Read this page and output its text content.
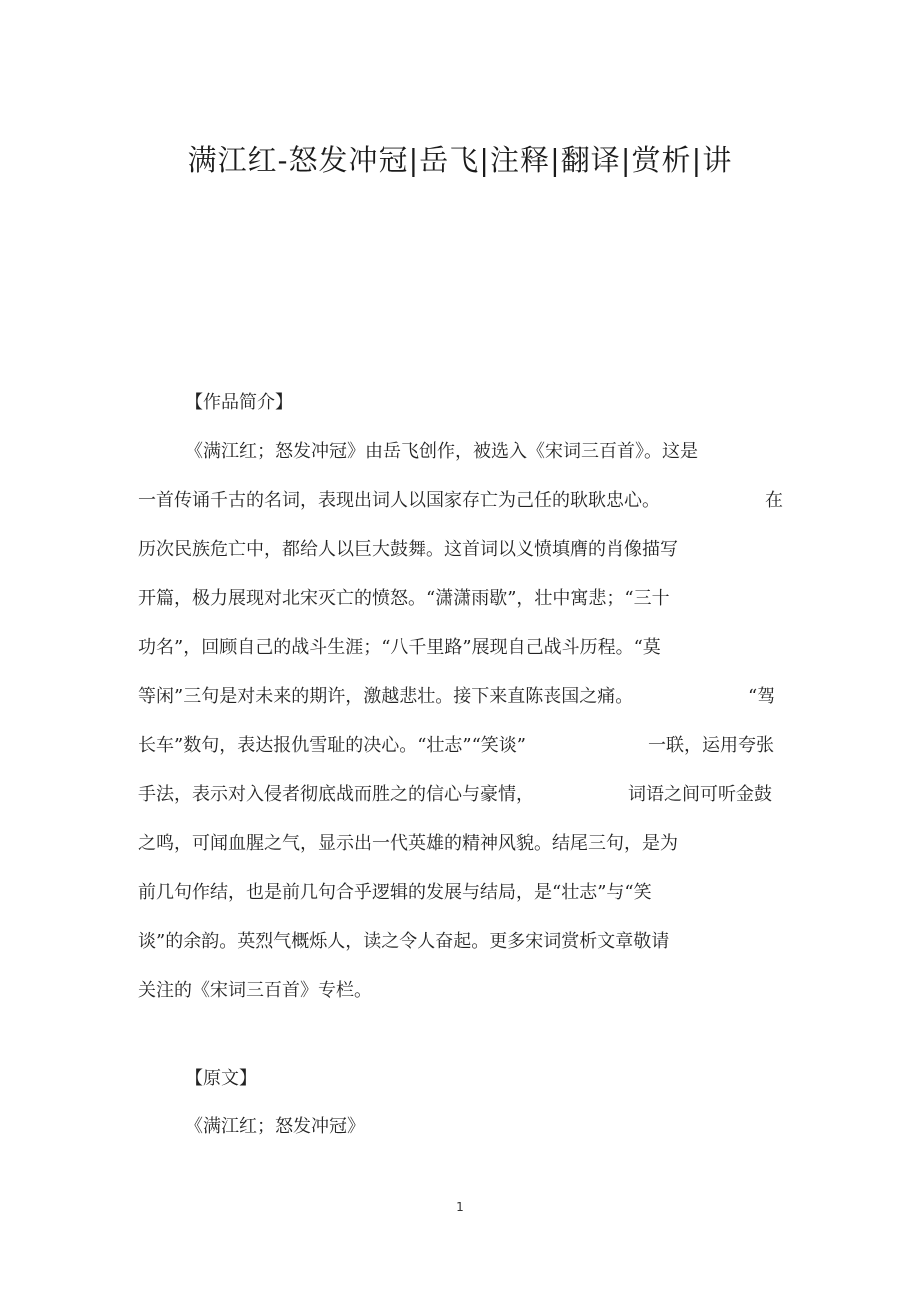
满江红-怒发冲冠|岳飞|注释|翻译|赏析|讲
【作品简介】
《满江红；怒发冲冠》由岳飞创作，被选入《宋词三百首》。这是
一首传诵千古的名词，表现出词人以国家存亡为己任的耿耿忠心。	在
历次民族危亡中，都给人以巨大鼓舞。这首词以义愤填膺的肖像描写
开篇，极力展现对北宋灭亡的愤怒。“潇潇雨歇”，壮中寓悲；“三十
功名”，回顾自己的战斗生涯；“八千里路”展现自己战斗历程。“莫
等闲”三句是对未来的期许，激越悲壮。接下来直陈丧国之痛。	“驾
长车”数句，表达报仇雪耻的决心。“壮志”“笑谈”	一联，运用夸张
手法，表示对入侵者彻底战而胜之的信心与豪情，	词语之间可听金鼓
之鸣，可闻血腥之气，显示出一代英雄的精神风貌。结尾三句，是为
前几句作结，也是前几句合乎逻辑的发展与结局，是“壮志”与“笑
谈”的余韵。英烈气概烁人，读之令人奋起。更多宋词赏析文章敬请
关注的《宋词三百首》专栏。
【原文】
《满江红；怒发冲冠》
1
